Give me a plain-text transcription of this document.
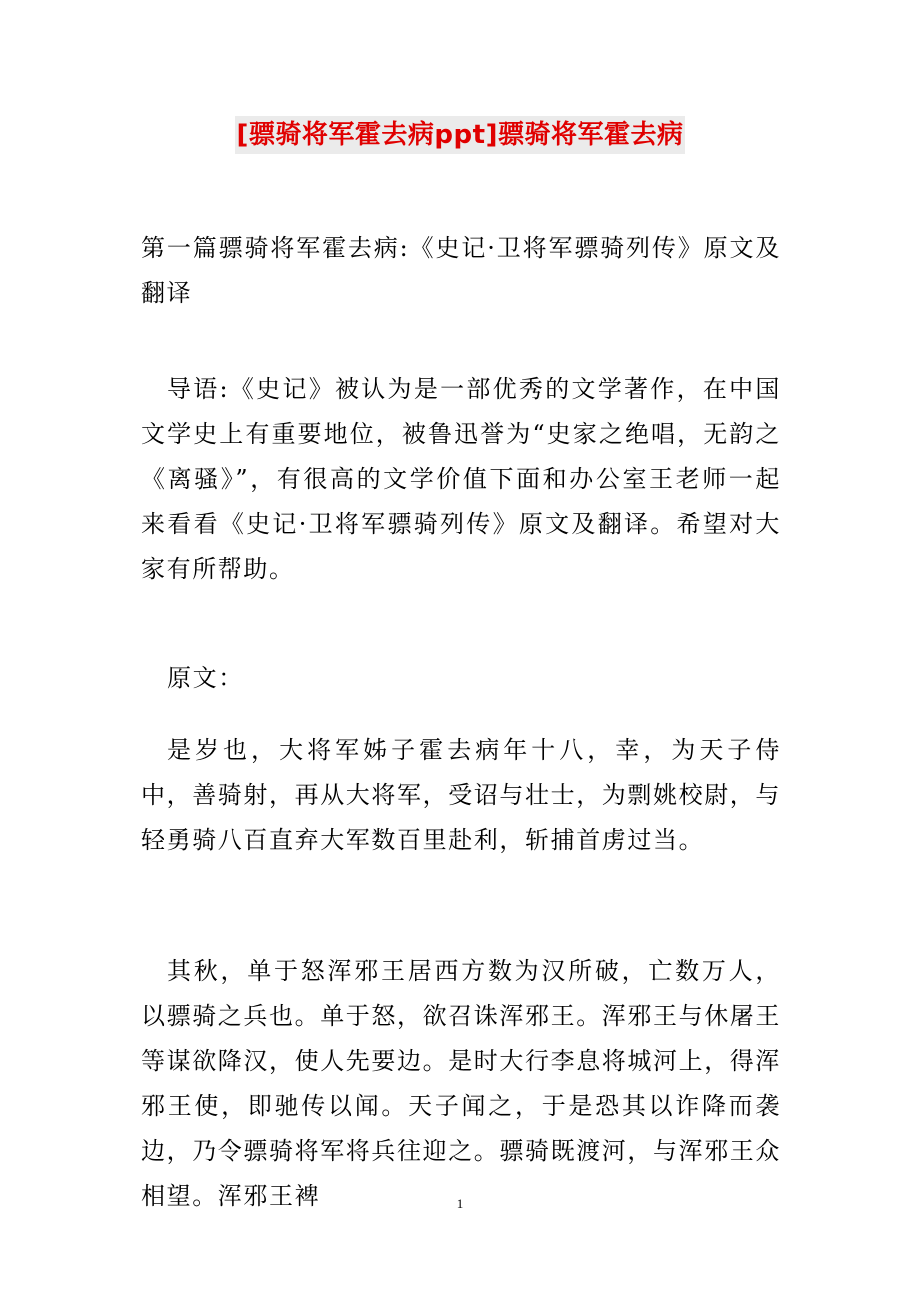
[骠骑将军霍去病ppt]骠骑将军霍去病

第一篇骠骑将军霍去病:《史记·卫将军骠骑列传》原文及翻译

导语:《史记》被认为是一部优秀的文学著作，在中国文学史上有重要地位，被鲁迅誉为“史家之绝唱，无韵之《离骚》”，有很高的文学价值下面和办公室王老师一起来看看《史记·卫将军骠骑列传》原文及翻译。希望对大家有所帮助。

原文：

是岁也，大将军姊子霍去病年十八，幸，为天子侍中，善骑射，再从大将军，受诏与壮士，为剽姚校尉，与轻勇骑八百直弃大军数百里赴利，斩捕首虏过当。

其秋，单于怒浑邪王居西方数为汉所破，亡数万人，以骠骑之兵也。单于怒，欲召诛浑邪王。浑邪王与休屠王等谋欲降汉，使人先要边。是时大行李息将城河上，得浑邪王使，即驰传以闻。天子闻之，于是恐其以诈降而袭边，乃令骠骑将军将兵往迎之。骠骑既渡河，与浑邪王众相望。浑邪王裨	1
